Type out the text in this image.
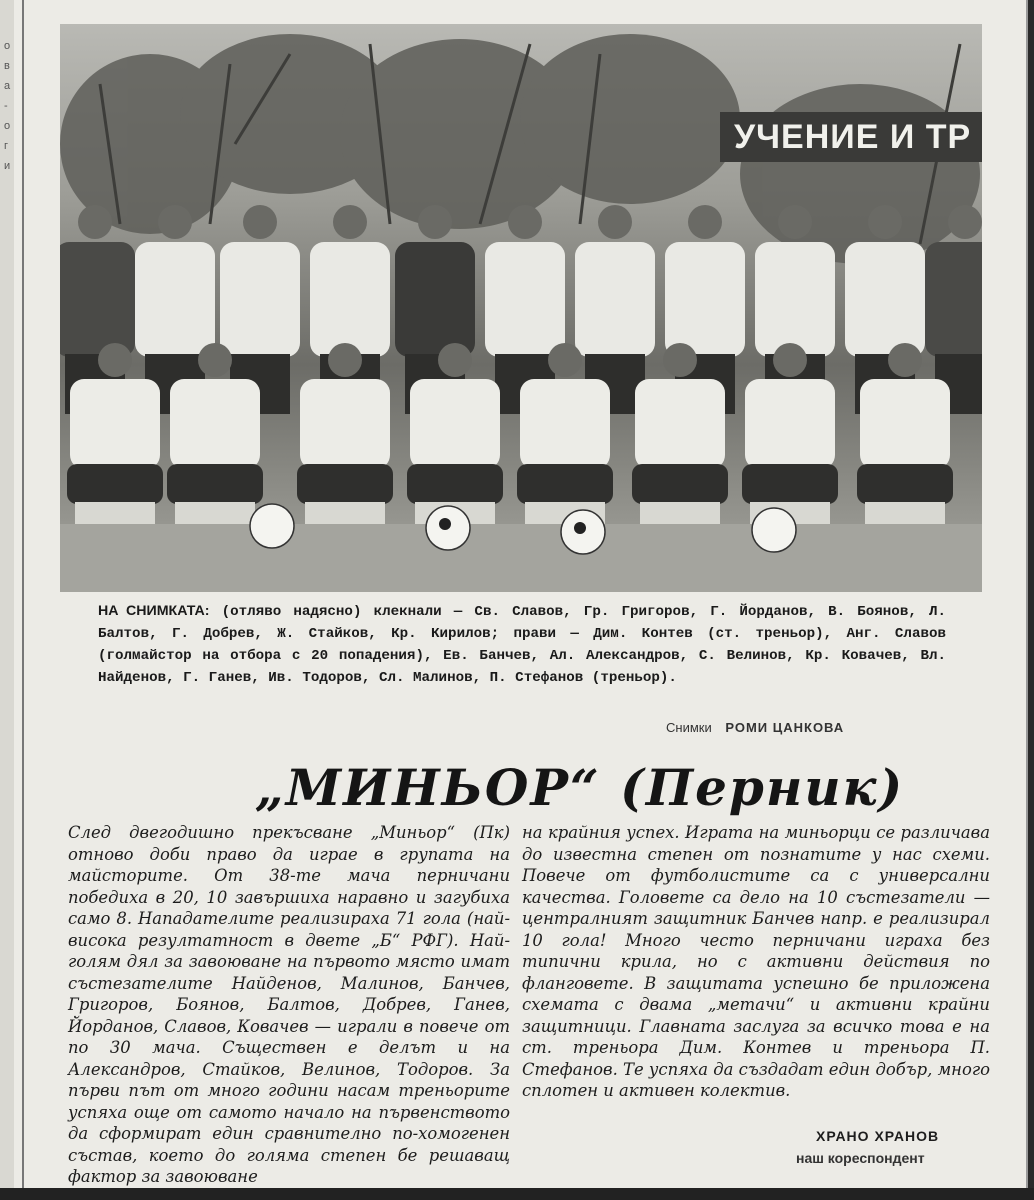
о
в
а
-
о
г
и
УЧЕНИЕ И ТР
НА СНИМКАТА: (отляво надясно) клекнали — Св. Славов, Гр. Григоров, Г. Йорданов, В. Боянов, Л. Балтов, Г. Добрев, Ж. Стайков, Кр. Кирилов; прави — Дим. Контев (ст. треньор), Анг. Славов (голмайстор на отбора с 20 попадения), Ев. Банчев, Ал. Александров, С. Велинов, Кр. Ковачев, Вл. Найденов, Г. Ганев, Ив. Тодоров, Сл. Малинов, П. Стефанов (треньор).
Снимки РОМИ ЦАНКОВА
„МИНЬОР“ (Перник)

След двегодишно прекъсване „Миньор“ (Пк) отново доби право да играе в групата на майсторите. От 38-те мача перничани победиха в 20, 10 завършиха наравно и загубиха само 8. Нападателите реализираха 71 гола (най-висока резултатност в двете „Б“ РФГ). Най-голям дял за завоюване на първото място имат състезателите Найденов, Малинов, Банчев, Григоров, Боянов, Балтов, Добрев, Ганев, Йорданов, Славов, Ковачев — играли в повече от по 30 мача. Съществен е делът и на Александров, Стайков, Велинов, Тодоров. За първи път от много години насам треньорите успяха още от самото начало на първенството да сформират един сравнително по-хомогенен състав, което до голяма степен бе решаващ фактор за завоюване

на крайния успех. Играта на миньорци се различава до известна степен от познатите у нас схеми. Повече от футболистите са с универсални качества. Головете са дело на 10 състезатели — централният защитник Банчев напр. е реализирал 10 гола! Много често перничани играха без типични крила, но с активни действия по фланговете. В защитата успешно бе приложена схемата с двама „метачи“ и активни крайни защитници. Главната заслуга за всичко това е на ст. треньора Дим. Контев и треньора П. Стефанов. Те успяха да създадат един добър, много сплотен и активен колектив.

ХРАНО ХРАНОВ
наш кореспондент
